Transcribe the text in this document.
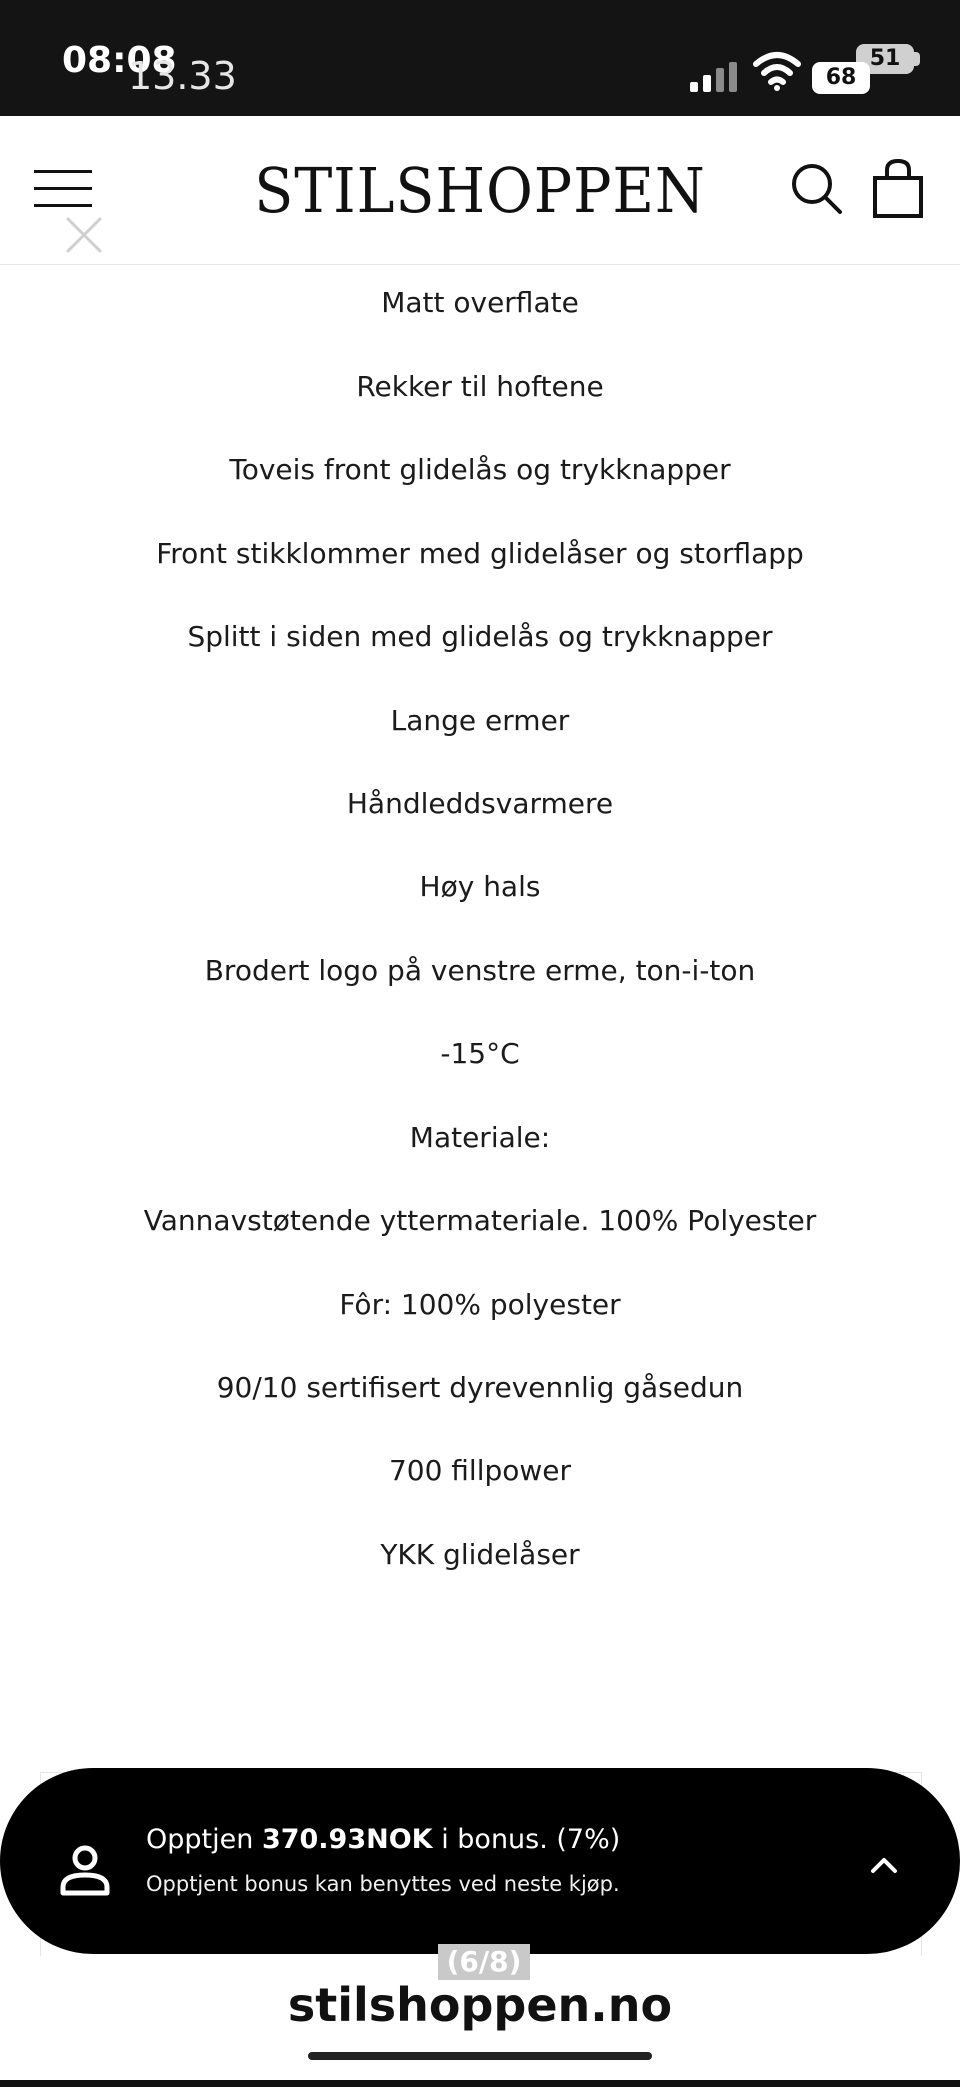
08:08
13.33	51
68
STILSHOPPEN
Matt overflate
Rekker til hoftene
Toveis front glidelås og trykknapper
Front stikklommer med glidelåser og storflapp
Splitt i siden med glidelås og trykknapper
Lange ermer
Håndleddsvarmere
Høy hals
Brodert logo på venstre erme, ton-i-ton
-15°C
Materiale:
Vannavstøtende yttermateriale. 100% Polyester
Fôr: 100% polyester
90/10 sertifisert dyrevennlig gåsedun
700 fillpower
YKK glidelåser
Opptjen 370.93NOK i bonus. (7%)
Opptjent bonus kan benyttes ved neste kjøp.
(6/8)
stilshoppen.no
